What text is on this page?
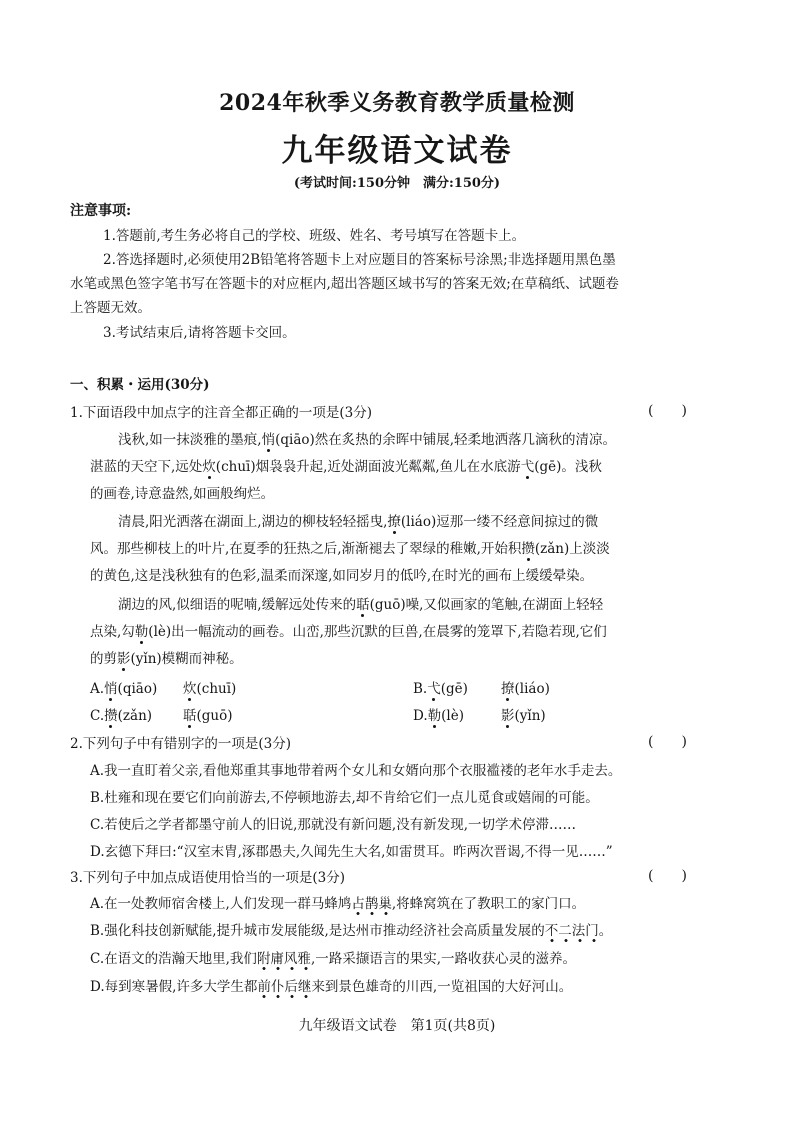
2024年秋季义务教育教学质量检测
九年级语文试卷
(考试时间:150分钟　满分:150分)
注意事项:
1.答题前,考生务必将自己的学校、班级、姓名、考号填写在答题卡上。
2.答选择题时,必须使用2B铅笔将答题卡上对应题目的答案标号涂黑;非选择题用黑色墨
水笔或黑色签字笔书写在答题卡的对应框内,超出答题区域书写的答案无效;在草稿纸、试题卷
上答题无效。
3.考试结束后,请将答题卡交回。
一、积累・运用(30分)
1.下面语段中加点字的注音全都正确的一项是(3分)	(　　)
浅秋,如一抹淡雅的墨痕,悄(qiāo)然在炙热的余晖中铺展,轻柔地洒落几滴秋的清凉。
湛蓝的天空下,远处炊(chuī)烟袅袅升起,近处湖面波光粼粼,鱼儿在水底游弋(gē)。浅秋
的画卷,诗意盎然,如画般绚烂。
清晨,阳光洒落在湖面上,湖边的柳枝轻轻摇曳,撩(liáo)逗那一缕不经意间掠过的微
风。那些柳枝上的叶片,在夏季的狂热之后,渐渐褪去了翠绿的稚嫩,开始积攒(zǎn)上淡淡
的黄色,这是浅秋独有的色彩,温柔而深邃,如同岁月的低吟,在时光的画布上缓缓晕染。
湖边的风,似细语的呢喃,缓解远处传来的聒(guō)噪,又似画家的笔触,在湖面上轻轻
点染,勾勒(lè)出一幅流动的画卷。山峦,那些沉默的巨兽,在晨雾的笼罩下,若隐若现,它们
的剪影(yǐn)模糊而神秘。
A.悄(qiāo) 炊(chuī)	B.弋(gē) 撩(liáo)
C.攒(zǎn) 聒(guō)	D.勒(lè)	影(yǐn)
2.下列句子中有错别字的一项是(3分)	(　　)
A.我一直盯着父亲,看他郑重其事地带着两个女儿和女婿向那个衣服褴褛的老年水手走去。
B.杜雍和现在要它们向前游去,不停顿地游去,却不肯给它们一点儿觅食或嬉闹的可能。
C.若使后之学者都墨守前人的旧说,那就没有新问题,没有新发现,一切学术停滞……
D.玄德下拜曰:“汉室末胄,涿郡愚夫,久闻先生大名,如雷贯耳。昨两次晋谒,不得一见……”
3.下列句子中加点成语使用恰当的一项是(3分)	(　　)
A.在一处教师宿舍楼上,人们发现一群马蜂鸠占鹊巢,将蜂窝筑在了教职工的家门口。
B.强化科技创新赋能,提升城市发展能级,是达州市推动经济社会高质量发展的不二法门。
C.在语文的浩瀚天地里,我们附庸风雅,一路采撷语言的果实,一路收获心灵的滋养。
D.每到寒暑假,许多大学生都前仆后继来到景色雄奇的川西,一览祖国的大好河山。
九年级语文试卷　第1页(共8页)
